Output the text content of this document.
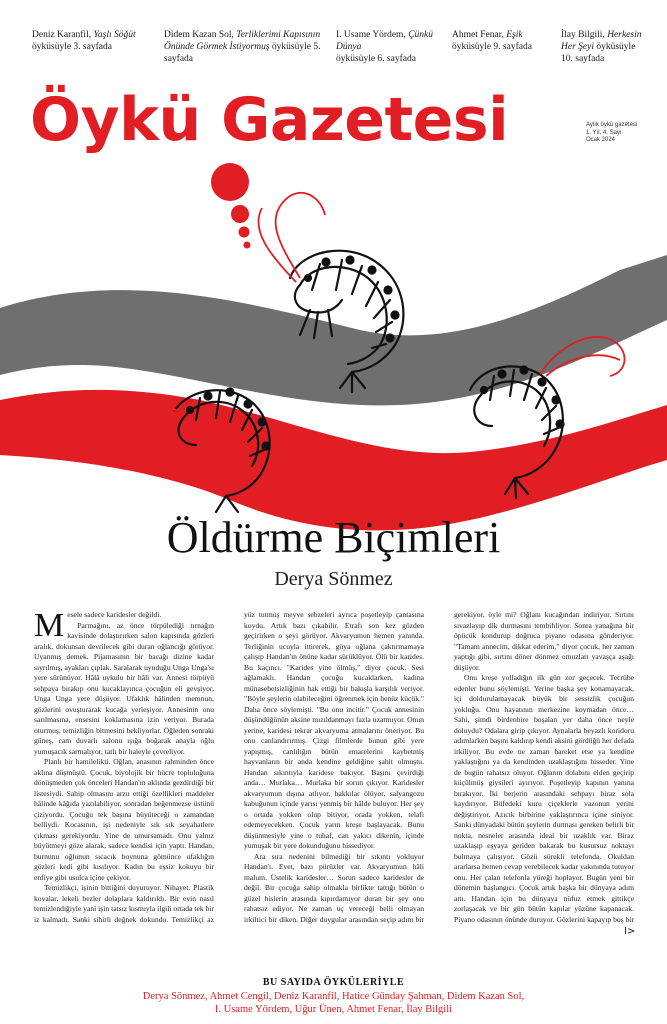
Deniz Karanfil, Yaşlı Söğüt
öyküsüyle 3. sayfada
Didem Kazan Sol, Terliklerimi Kapısının Önünde Görmek İstiyormuş öyküsüyle 5. sayfada
I. Usame Yördem, Çünkü Dünya
öyküsüyle 6. sayfada
Ahmet Fenar, Eşik
öyküsüyle 9. sayfada
İlay Bilgili, Herkesin Her Şeyi öyküsüyle 10. sayfada
Öykü Gazetesi	Aylık öykü gazetesi
1. Yıl, 4. Sayı
Ocak 2024
Öldürme Biçimleri
Derya Sönmez

Mesele sadece karidesler değildi.

Parmağını, az önce törpülediği tırnağın kavisinde dolaştırırken salon kapısında gözleri aralık, dokunsan devrilecek gibi duran oğlancığı görüyor. Uyanmış demek. Pijamasının bir bacağı dizine kadar sıyrılmış, ayakları çıplak. Saralarak uyuduğu Unga Unga'sı yere sürünüyor. Hâlâ uykulu bir hâli var. Annesi törpüyü sehpaya bırakıp onu kucaklayınca çocuğun eli gevşiyor, Unga Unga yere düşüyor. Ufaklık hâlinden memnun, gözlerini ovuşturarak kucağa yerleşiyor. Annesinin onu sarılmasına, ensesini koklamasına izin veriyor. Burada oturmuş, temizliğin bitmesini bekliyorlar. Öğleden sonraki güneş, cam duvarlı salonu ışığa boğarak anayla oğlu yumuşacık sarmalıyor, tatlı bir haleyle çevreliyor.

Planlı bir hamilelikti. Oğlan, anasının rahminden önce aklına düşmüştü. Çocuk, biyolojik bir hücre topluluğuna dönüşmeden çok önceleri Handan'ın aklında gezdirdiği bir listesiydi. Sahip olmasını arzu ettiği özellikleri maddeler hâlinde kâğıda yazılabiliyor, sonradan beğenmezse üstünü çiziyordu. Çocuğu tek başına büyüteceği o zamandan belliydi. Kocasının, işi nedeniyle sık sık seyahatlere çıkması gerekiyordu. Yine de umursamadı. Onu yalnız büyütmeyi göze alarak, sadece kendisi için yaptı. Handan, burnunu oğlunun sıcacık boynuna gömünce ufaklığın gözleri kedi gibi kısılıyor. Kadın bu eşsiz kokuyu bir enfiye gibi usulca içine çekiyor.

Temizlikçi, işinin bittiğini duyuruyor. Nihayet. Plastik kovalar, lekeli bezler dolaplara kaldırıldı. Bir evin nasıl temizlendiğiyle yani işin tatsız kısmıyla ilgili ortada tek bir iz kalmadı. Sanki sihirli değnek dokundu. Temizlikçi az

yüz tutmuş meyve sebzeleri ayrıca poşetleyip çantasına koydu. Artık bazı çıkabilir. Etrafı son kez gözden geçirirken o şeyi görüyor. Akvaryumun hemen yanında. Terliğinin ucuyla ittirerek, güya oğlana çaktırmamaya çalışıp Handan'ın önüne kadar sürüklüyor. Ölü bir karides. Bu kaçıncı. "Karides yine ölmüş," diyor çocuk. Sesi ağlamaklı. Handan çocuğu kucaklarken, kadına münasebetsizliğinin hak ettiği bir bakışla karşılık veriyor. "Böyle şeylerin olabileceğini öğrenmek için henüz küçük." Daha önce söylemişti. "Bu onu incitir." Çocuk annesinin düşündüğünün aksine mızıldanmayı fazla uzatmıyor. Onun yerine, karidesi tekrar akvaryuma atmalarını öneriyor. Bu onu canlandırırmış. Çizgi filmlerde bunun gibi yere yapışmış, canlılığın bütün emarelerini kaybetmiş hayvanların bir anda kendine geldiğine şahit olmuştu. Handan sıkıntıyla karidese bakıyor. Başını çevirdiği anda… Murlaka… Murlaka bir sorun çıkıyor. Karidesler akvaryumun dışına atlıyor, bakkılar ölüyor, salyangozu kabuğunun içinde yarısı yenmiş bir hâlde buluyor. Her şey o ortada yokken olup bitiyor, orada yokken, telafi edemeyecekken. Çocuk yarın kreşe başlayacak. Bunu düşünmesiyle yine o tuhaf, can yakıcı dikenin, içinde yumuşak bir yere dokunduğunu hissediyor.

Ara sıra nedenini bilmediği bir sıkıntı yokluyor Handan'ı. Evet, bazı pürüzler var. Akvaryumun hâli malum. Üstelik karidesler… Sorun sadece karidesler de değil. Bir çocuğa sahip olmakla birlikte tattığı bütün o güzel hislerin arasında kıpırdamıyor duran bir şey onu rahatsız ediyor. Ne zaman uç vereceği belli olmayan irkiltici bir diken. Diğer duygular arasından seçip adını bir

gerekiyor, öyle mi? Oğlanı kucağından indiriyor. Sırtını sıvazlayıp dik durmasını tembihliyor. Sonra yanağına bir öpücük kondurup doğruca piyano odasına gönderiyor. "Tamam annecim, dikkat ederim," diyor çocuk, her zaman yaptığı gibi, sırtını döner dönmez omuzları yavaşça aşağı düşüyor.

Onu kreşe yolladığın ilk gün zor geçecek. Tecrübe edenler bunu söylemişti. Yerine başka şey konamayacak, içi doldurulamayacak büyük bir sessizlik çocuğun yokluğu. Onu hayatının merkezine koymadan önce… Sahi, şimdi birdenbire boşalan yer daha önce neyle doluydu? Odalara girip çıkıyor. Aynalarla beyazlı koridoru adımlarken başını kaldırıp kendi aksini gördüğü her defada irkiliyor. Bu evde ne zaman hareket etse ya kendine yaklaştığını ya da kendinden uzaklaştığını hisseder. Yine de bugün rahatsız oluyor. Oğlanın dolabını elden geçirip küçülmüş giysileri ayırıyor. Poşetleyip kapının yanına bırakıyor. İki berjerin arasındaki sehpayı biraz sola kaydırıyor. Büfedeki kuru çiçeklerle vazonun yerini değiştiriyor. Azıcık birbirine yaklaştırınca içine siniyor. Sanki dünyadaki bütün şeylerin durması gereken belirli bir nokta, nesneler arasında ideal bir uzaklık var. Biraz uzaklaşıp eşyaya geriden bakarak bu kusursuz noktayı bulmaya çalışıyor. Gözü sürekli telefonda. Okuldan ararlarsa hemen cevap verebilecek kadar yakınında tutuyor onu. Her çalan telefonla yüreği hoplayor. Bugün yeni bir dönemin başlangıcı. Çocuk artık başka bir dünyaya adım attı. Handan için bu dünyaya nüfuz etmek gittikçe zorlaşacak ve bir gün bütün kapılar yüzüne kapanacak. Piyano odasının önünde duruyor. Gözlerini kapayıp boş bir

I>
BU SAYIDA ÖYKÜLERİYLE
Derya Sönmez, Ahmet Cengil, Deniz Karanfil, Hatice Günday Şahman, Didem Kazan Sol,
I. Usame Yördem, Uğur Ünen, Ahmet Fenar, İlay Bilgili
